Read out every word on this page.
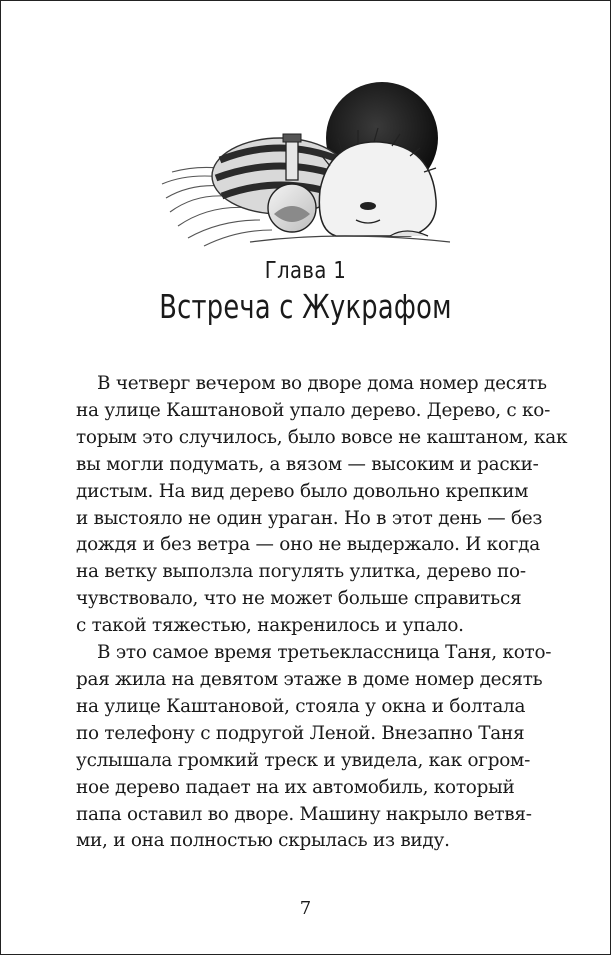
Глава 1
Встреча с Жукрафом
В четверг вечером во дворе дома номер десять
на улице Каштановой упало дерево. Дерево, с ко-
торым это случилось, было вовсе не каштаном, как
вы могли подумать, а вязом — высоким и раски-
дистым. На вид дерево было довольно крепким
и выстояло не один ураган. Но в этот день — без
дождя и без ветра — оно не выдержало. И когда
на ветку выползла погулять улитка, дерево по-
чувствовало, что не может больше справиться
с такой тяжестью, накренилось и упало.
В это самое время третьеклассница Таня, кото-
рая жила на девятом этаже в доме номер десять
на улице Каштановой, стояла у окна и болтала
по телефону с подругой Леной. Внезапно Таня
услышала громкий треск и увидела, как огром-
ное дерево падает на их автомобиль, который
папа оставил во дворе. Машину накрыло ветвя-
ми, и она полностью скрылась из виду.
7
